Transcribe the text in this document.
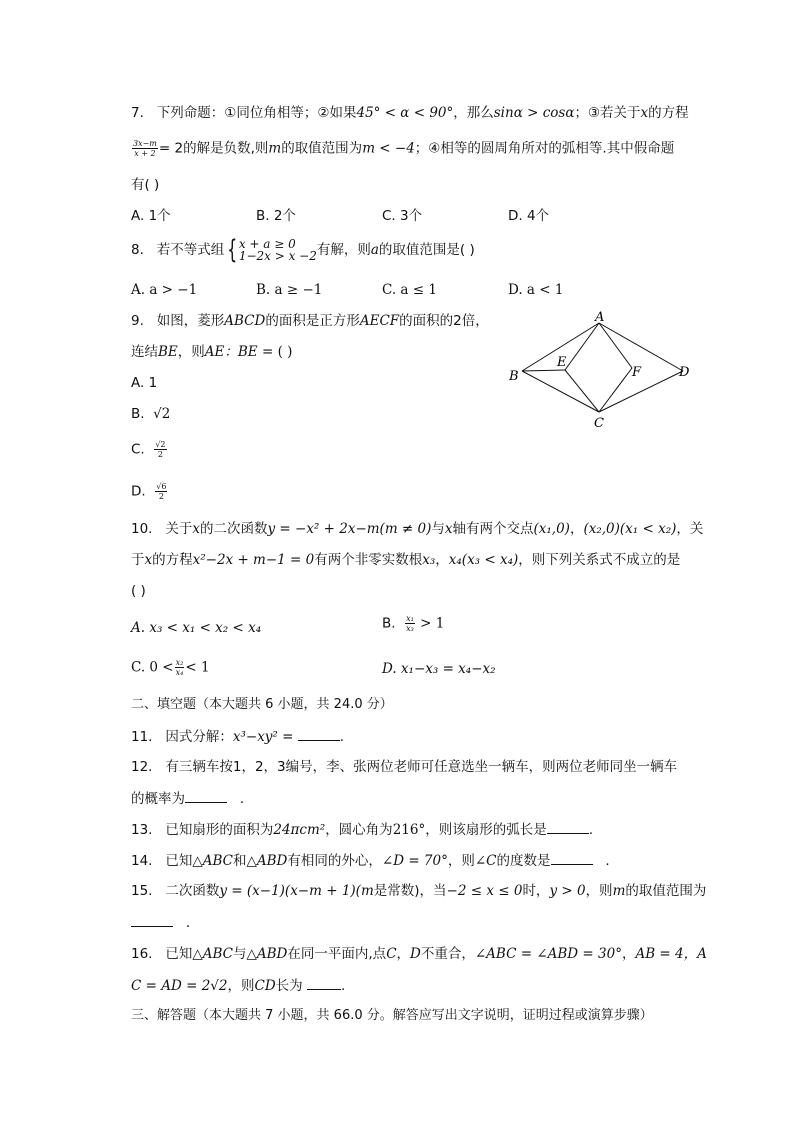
7. 下列命题：①同位角相等；②如果45° < α < 90°，那么sinα > cosα；③若关于x的方程
$\frac{3x-m}{x + 2} = 2$的解是负数,则m的取值范围为m < −4；④相等的圆周角所对的弧相等.其中假命题
有( )
A. 1个	B. 2个	C. 3个	D. 4个
8. 若不等式组 { x + a ≥ 0
1−2x > x −2 有解，则a的取值范围是( )
A. a > −1	B. a ≥ −1	C. a ≤ 1	D. a < 1
9. 如图，菱形ABCD的面积是正方形AECF的面积的2倍，
连结BE，则AE：BE = ( )
A. 1
B. √2
C. $\frac{√2}{2}$
D. $\frac{√6}{2}$
A
B
C
D
E
F
10. 关于x的二次函数y = −x² + 2x−m(m ≠ 0)与x轴有两个交点(x₁,0)，(x₂,0)(x₁ < x₂)，关
于x的方程x²−2x + m−1 = 0有两个非零实数根x₃，x₄(x₃ < x₄)，则下列关系式不成立的是
( )
A. x₃ < x₁ < x₂ < x₄	B. $\frac{\text{x₁}}{\text{x₃}} > 1$
C. $0 < \frac{\text{x₂}}{\text{x₄}} < 1$	D. x₁−x₃ = x₄−x₂
二、填空题（本大题共 6 小题，共 24.0 分）
11. 因式分解：x³−xy² =	.
12. 有三辆车按1，2，3编号，李、张两位老师可任意选坐一辆车，则两位老师同坐一辆车
的概率为	.
13. 已知扇形的面积为24πcm²，圆心角为216°，则该扇形的弧长是	.
14. 已知△ABC和△ABD有相同的外心，∠D = 70°，则∠C的度数是	.
15. 二次函数y = (x−1)(x−m + 1)(m是常数)，当−2 ≤ x ≤ 0时，y > 0，则m的取值范围为
.
16. 已知△ABC与△ABD在同一平面内,点C，D不重合，∠ABC = ∠ABD = 30°，AB = 4，A
C = AD = 2√2，则CD长为	.
三、解答题（本大题共 7 小题，共 66.0 分。解答应写出文字说明，证明过程或演算步骤）
